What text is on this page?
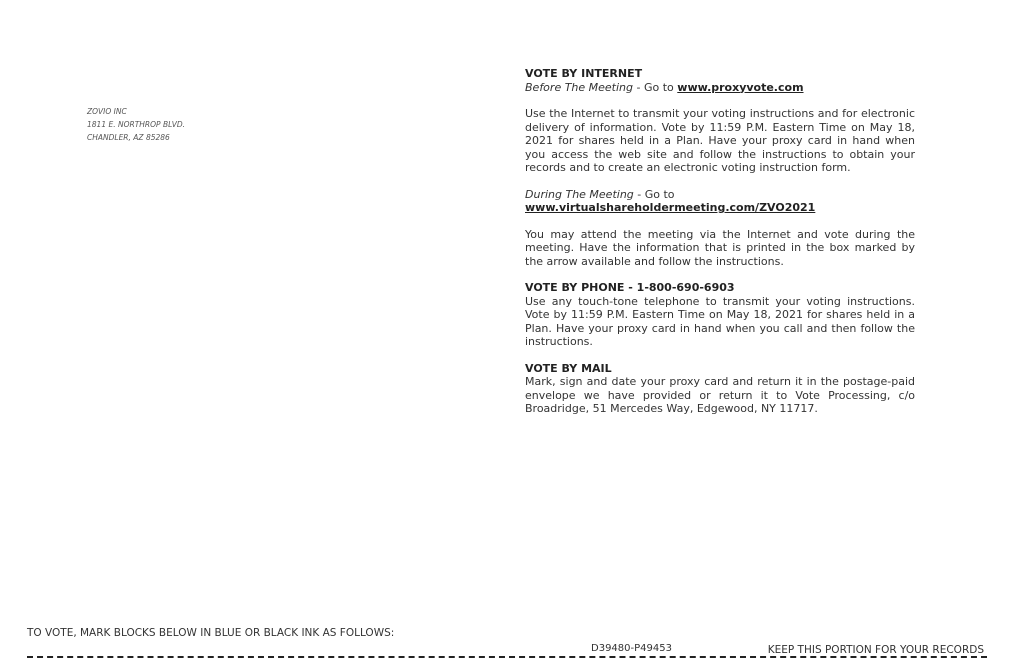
ZOVIO INC
1811 E. NORTHROP BLVD.
CHANDLER, AZ 85286
VOTE BY INTERNET
Before The Meeting - Go to www.proxyvote.com

Use the Internet to transmit your voting instructions and for electronic delivery of information. Vote by 11:59 P.M. Eastern Time on May 18, 2021 for shares held in a Plan. Have your proxy card in hand when you access the web site and follow the instructions to obtain your records and to create an electronic voting instruction form.

During The Meeting - Go to www.virtualshareholdermeeting.com/ZVO2021

You may attend the meeting via the Internet and vote during the meeting. Have the information that is printed in the box marked by the arrow available and follow the instructions.

VOTE BY PHONE - 1-800-690-6903

Use any touch-tone telephone to transmit your voting instructions. Vote by 11:59 P.M. Eastern Time on May 18, 2021 for shares held in a Plan. Have your proxy card in hand when you call and then follow the instructions.

VOTE BY MAIL

Mark, sign and date your proxy card and return it in the postage-paid envelope we have provided or return it to Vote Processing, c/o Broadridge, 51 Mercedes Way, Edgewood, NY 11717.

TO VOTE, MARK BLOCKS BELOW IN BLUE OR BLACK INK AS FOLLOWS:
D39480-P49453	KEEP THIS PORTION FOR YOUR RECORDS
